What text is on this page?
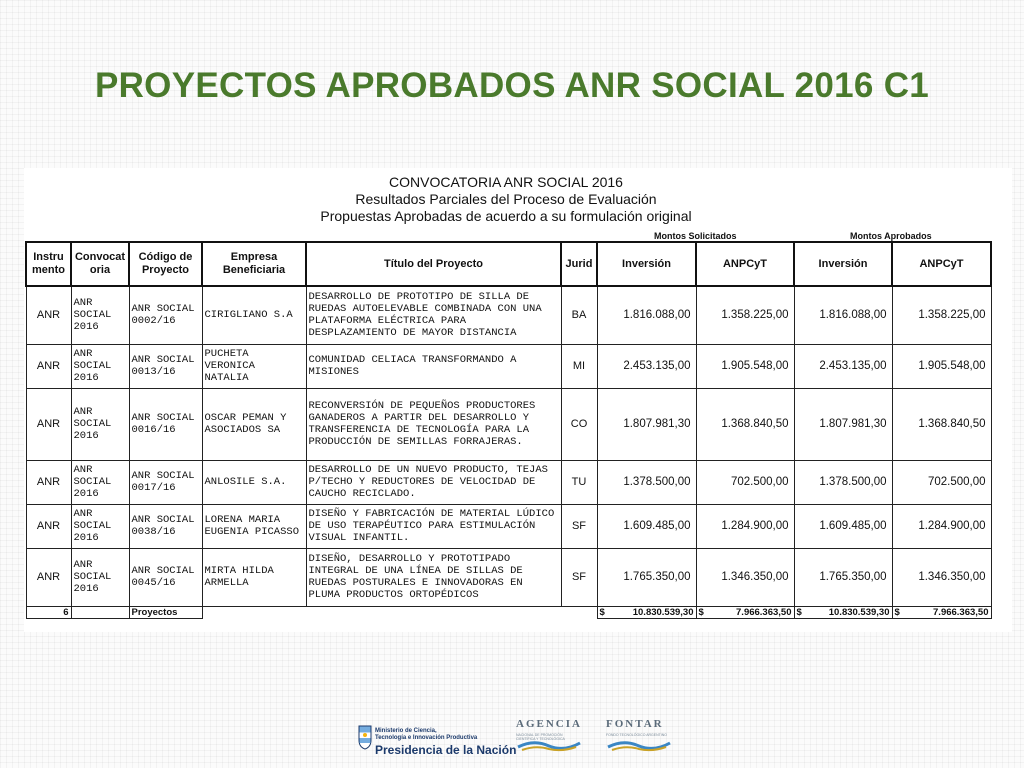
PROYECTOS APROBADOS ANR SOCIAL 2016 C1
CONVOCATORIA ANR SOCIAL 2016
Resultados Parciales del Proceso de Evaluación
Propuestas Aprobadas de acuerdo a su formulación original
Montos Solicitados	Montos Aprobados
Instru mento	Convocat oria	Código de Proyecto	Empresa Beneficiaria	Título del Proyecto	Jurid	Inversión	ANPCyT	Inversión	ANPCyT
ANR	ANR SOCIAL 2016	ANR SOCIAL 0002/16	CIRIGLIANO S.A	DESARROLLO DE PROTOTIPO DE SILLA DE RUEDAS AUTOELEVABLE COMBINADA CON UNA PLATAFORMA ELÉCTRICA PARA DESPLAZAMIENTO DE MAYOR DISTANCIA	BA	1.816.088,00	1.358.225,00	1.816.088,00	1.358.225,00
ANR	ANR SOCIAL 2016	ANR SOCIAL 0013/16	PUCHETA VERONICA NATALIA	COMUNIDAD CELIACA TRANSFORMANDO A MISIONES	MI	2.453.135,00	1.905.548,00	2.453.135,00	1.905.548,00
ANR	ANR SOCIAL 2016	ANR SOCIAL 0016/16	OSCAR PEMAN Y ASOCIADOS SA	RECONVERSIÓN DE PEQUEÑOS PRODUCTORES GANADEROS A PARTIR DEL DESARROLLO Y TRANSFERENCIA DE TECNOLOGÍA PARA LA PRODUCCIÓN DE SEMILLAS FORRAJERAS.	CO	1.807.981,30	1.368.840,50	1.807.981,30	1.368.840,50
ANR	ANR SOCIAL 2016	ANR SOCIAL 0017/16	ANLOSILE S.A.	DESARROLLO DE UN NUEVO PRODUCTO, TEJAS P/TECHO Y REDUCTORES DE VELOCIDAD DE CAUCHO RECICLADO.	TU	1.378.500,00	702.500,00	1.378.500,00	702.500,00
ANR	ANR SOCIAL 2016	ANR SOCIAL 0038/16	LORENA MARIA EUGENIA PICASSO	DISEÑO Y FABRICACIÓN DE MATERIAL LÚDICO DE USO TERAPÉUTICO PARA ESTIMULACIÓN VISUAL INFANTIL.	SF	1.609.485,00	1.284.900,00	1.609.485,00	1.284.900,00
ANR	ANR SOCIAL 2016	ANR SOCIAL 0045/16	MIRTA HILDA ARMELLA	DISEÑO, DESARROLLO Y PROTOTIPADO INTEGRAL DE UNA LÍNEA DE SILLAS DE RUEDAS POSTURALES E INNOVADORAS EN PLUMA PRODUCTOS ORTOPÉDICOS	SF	1.765.350,00	1.346.350,00	1.765.350,00	1.346.350,00
6		Proyectos				$ 10.830.539,30	$ 7.966.363,50	$ 10.830.539,30	$ 7.966.363,50
Ministerio de Ciencia,
Tecnología e Innovación Productiva
Presidencia de la Nación
AGENCIA
NACIONAL DE PROMOCIÓN CIENTÍFICA Y TECNOLÓGICA
FONTAR
FONDO TECNOLÓGICO ARGENTINO
